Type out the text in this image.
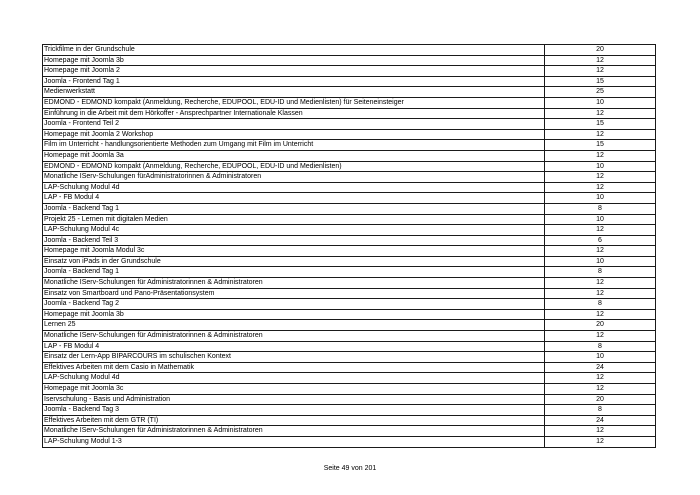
Trickfilme in der Grundschule	20
Homepage mit Joomla 3b	12
Homepage mit Joomla 2	12
Joomla - Frontend Tag 1	15
Medienwerkstatt	25
EDMOND - EDMOND kompakt (Anmeldung, Recherche, EDUPOOL, EDU-ID und Medienlisten) für Seiteneinsteiger	10
Einführung in die Arbeit mit dem Hörkoffer - Ansprechpartner Internationale Klassen	12
Joomla - Frontend Teil 2	15
Homepage mit Joomla 2 Workshop	12
Film im Unterricht - handlungsorientierte Methoden zum Umgang mit Film im Unterricht	15
Homepage mit Joomla 3a	12
EDMOND - EDMOND kompakt (Anmeldung, Recherche, EDUPOOL, EDU-ID und Medienlisten)	10
Monatliche IServ-Schulungen fürAdministratorinnen & Administratoren	12
LAP-Schulung Modul 4d	12
LAP - FB Modul 4	10
Joomla - Backend Tag 1	8
Projekt 25 - Lernen mit digitalen Medien	10
LAP-Schulung Modul 4c	12
Joomla - Backend Teil 3	6
Homepage mit Joomla Modul 3c	12
Einsatz von iPads in der Grundschule	10
Joomla - Backend Tag 1	8
Monatliche IServ-Schulungen für Administratorinnen & Administratoren	12
Einsatz von Smartboard und Pano-Präsentationsystem	12
Joomla - Backend Tag 2	8
Homepage mit Joomla 3b	12
Lernen 25	20
Monatliche IServ-Schulungen für Administratorinnen & Administratoren	12
LAP - FB Modul 4	8
Einsatz der Lern-App BIPARCOURS im schulischen Kontext	10
Effektives Arbeiten mit dem Casio in Mathematik	24
LAP-Schulung Modul 4d	12
Homepage mit Joomla 3c	12
Iservschulung - Basis und Administration	20
Joomla - Backend Tag 3	8
Effektives Arbeiten mit dem GTR (TI)	24
Monatliche IServ-Schulungen für Administratorinnen & Administratoren	12
LAP-Schulung Modul 1-3	12
Seite 49 von 201
